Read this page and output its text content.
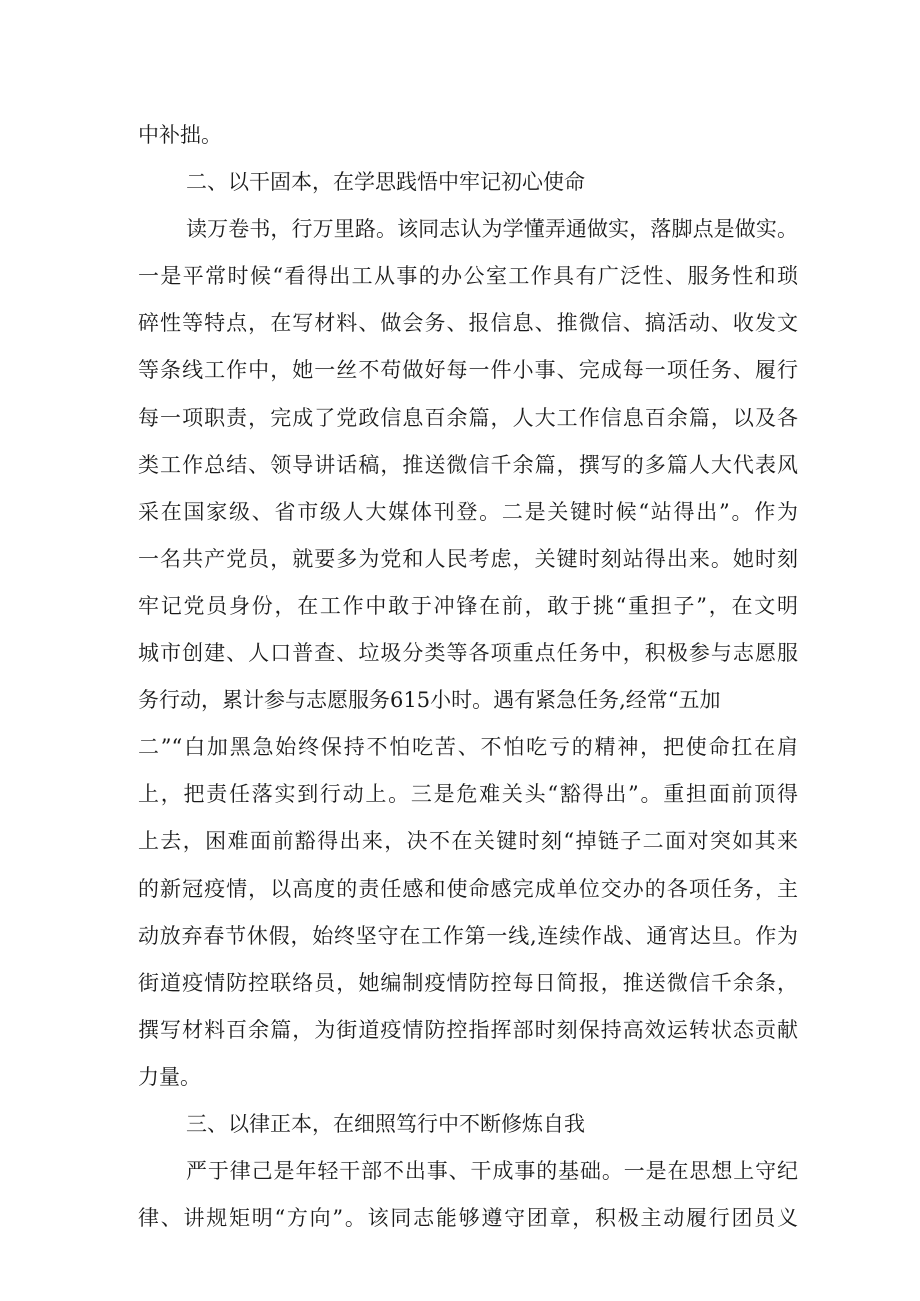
中补拙。
二、以干固本，在学思践悟中牢记初心使命
读万卷书，行万里路。该同志认为学懂弄通做实，落脚点是做实。
一是平常时候“看得出工从事的办公室工作具有广泛性、服务性和琐
碎性等特点，在写材料、做会务、报信息、推微信、搞活动、收发文
等条线工作中，她一丝不苟做好每一件小事、完成每一项任务、履行
每一项职责，完成了党政信息百余篇，人大工作信息百余篇，以及各
类工作总结、领导讲话稿，推送微信千余篇，撰写的多篇人大代表风
采在国家级、省市级人大媒体刊登。二是关键时候“站得出”。作为
一名共产党员，就要多为党和人民考虑，关键时刻站得出来。她时刻
牢记党员身份，在工作中敢于冲锋在前，敢于挑“重担子”，在文明
城市创建、人口普查、垃圾分类等各项重点任务中，积极参与志愿服
务行动，累计参与志愿服务615小时。遇有紧急任务,经常“五加
二”“白加黑急始终保持不怕吃苦、不怕吃亏的精神，把使命扛在肩
上，把责任落实到行动上。三是危难关头“豁得出”。重担面前顶得
上去，困难面前豁得出来，决不在关键时刻“掉链子二面对突如其来
的新冠疫情，以高度的责任感和使命感完成单位交办的各项任务，主
动放弃春节休假，始终坚守在工作第一线,连续作战、通宵达旦。作为
街道疫情防控联络员，她编制疫情防控每日简报，推送微信千余条，
撰写材料百余篇，为街道疫情防控指挥部时刻保持高效运转状态贡献
力量。
三、以律正本，在细照笃行中不断修炼自我
严于律己是年轻干部不出事、干成事的基础。一是在思想上守纪
律、讲规矩明“方向”。该同志能够遵守团章，积极主动履行团员义
